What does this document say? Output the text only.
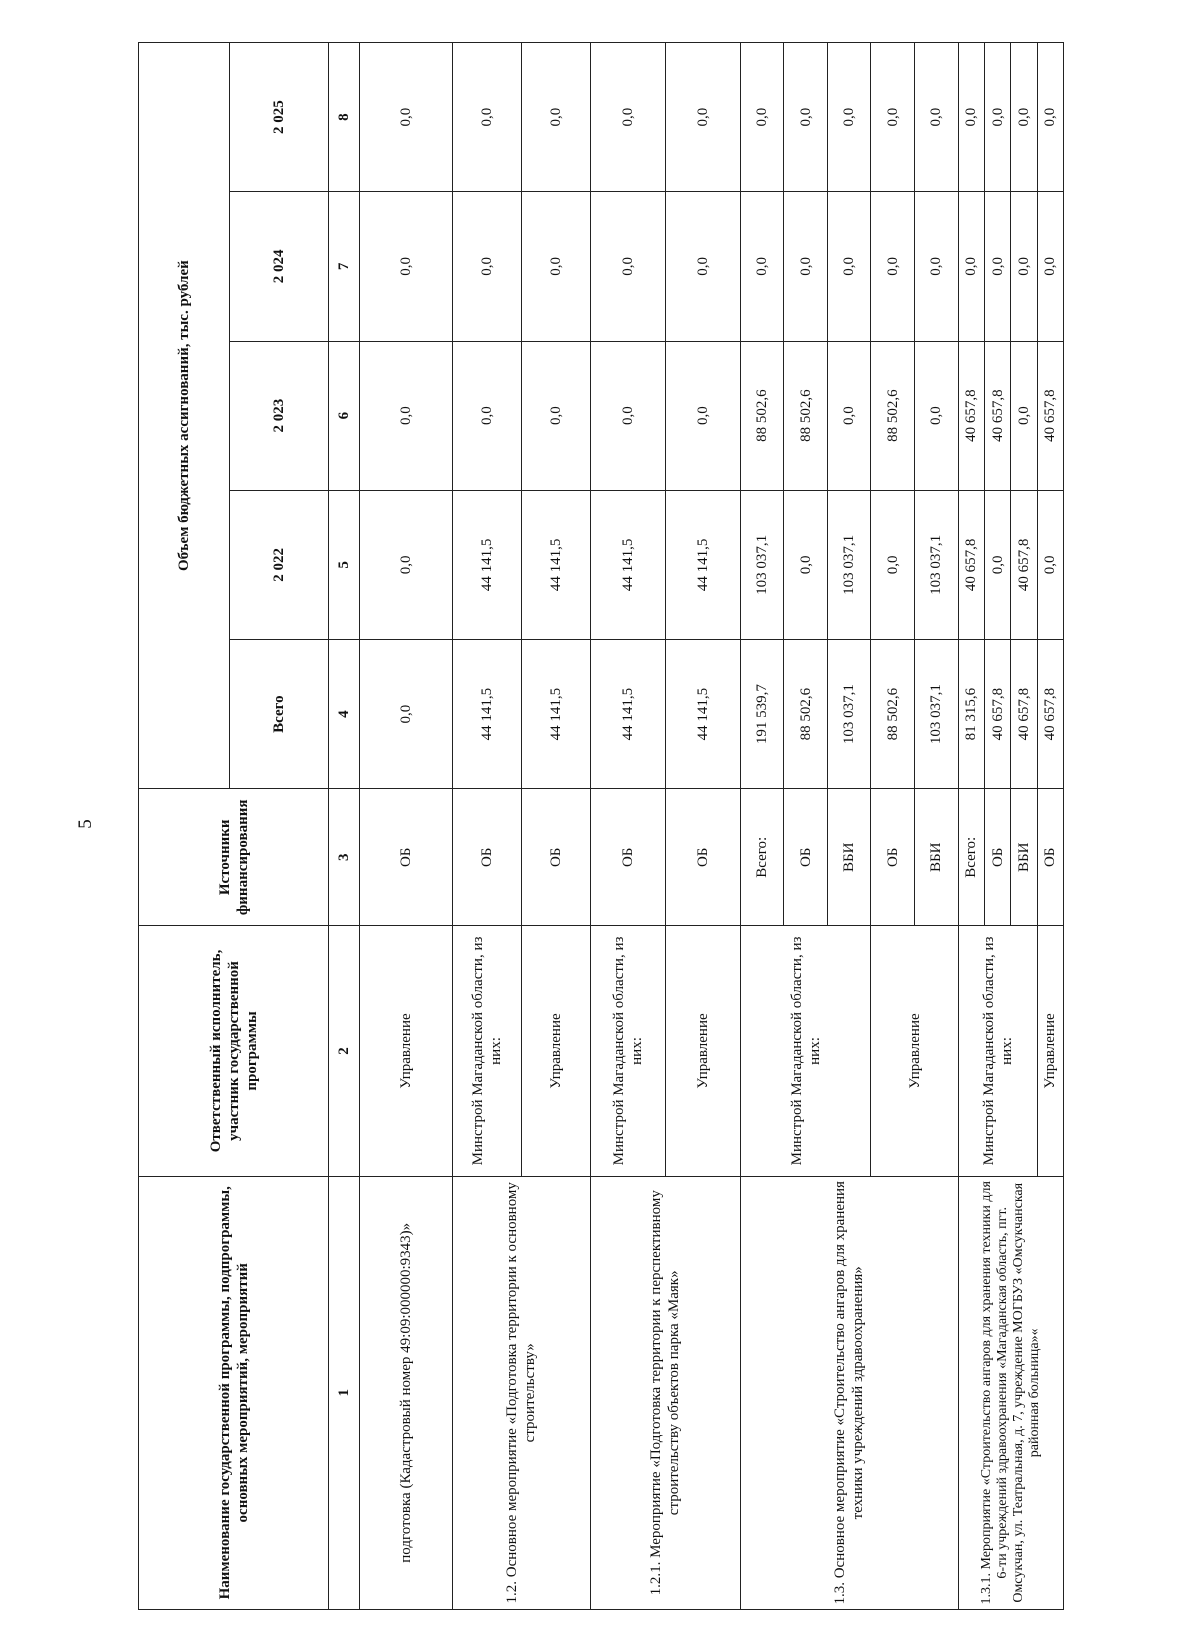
5
Наименование государственной программы, подпрограммы, основных мероприятий, мероприятий	Ответственный исполнитель, участник государственной программы	Источники финансирования	Объем бюджетных ассигнований, тыс. рублей				
			Всего	2 022	2 023	2 024	2 025
1	2	3	4	5	6	7	8
подготовка (Кадастровый номер 49:09:000000:9343)»	Управление	ОБ	0,0	0,0	0,0	0,0	0,0
1.2. Основное мероприятие «Подготовка территории к основному строительству»	Минстрой Магаданской области, из них:	ОБ	44 141,5	44 141,5	0,0	0,0	0,0
	Управление	ОБ	44 141,5	44 141,5	0,0	0,0	0,0
1.2.1. Мероприятие «Подготовка территории к перспективному строительству объектов парка «Маяк»	Минстрой Магаданской области, из них:	ОБ	44 141,5	44 141,5	0,0	0,0	0,0
	Управление	ОБ	44 141,5	44 141,5	0,0	0,0	0,0
1.3. Основное мероприятие «Строительство ангаров для хранения техники учреждений здравоохранения»	Минстрой Магаданской области, из них:	Всего:	191 539,7	103 037,1	88 502,6	0,0	0,0
		ОБ	88 502,6	0,0	88 502,6	0,0	0,0
		ВБИ	103 037,1	103 037,1	0,0	0,0	0,0
	Управление	ОБ	88 502,6	0,0	88 502,6	0,0	0,0
		ВБИ	103 037,1	103 037,1	0,0	0,0	0,0
1.3.1. Мероприятие «Строительство ангаров для хранения техники для 6-ти учреждений здравоохранения «Магаданская область, пгт. Омсукчан, ул. Театральная, д. 7, учреждение МОГБУЗ «Омсукчанская районная больница»«	Минстрой Магаданской области, из них:	Всего:	81 315,6	40 657,8	40 657,8	0,0	0,0
		ОБ	40 657,8	0,0	40 657,8	0,0	0,0
		ВБИ	40 657,8	40 657,8	0,0	0,0	0,0
	Управление	ОБ	40 657,8	0,0	40 657,8	0,0	0,0
